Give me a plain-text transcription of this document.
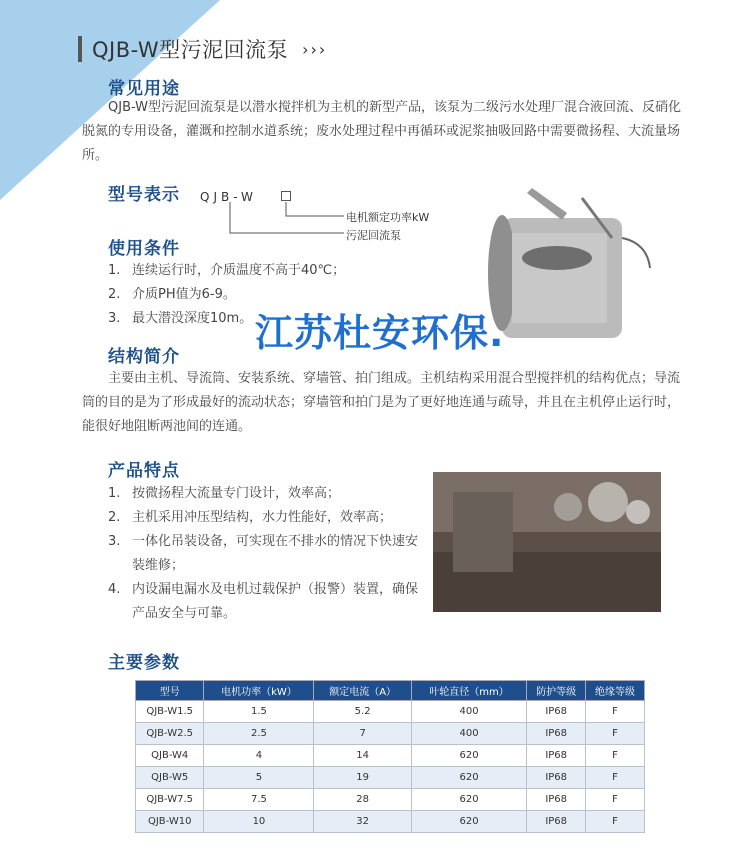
QJB-W型污泥回流泵 ›››
常见用途

QJB-W型污泥回流泵是以潜水搅拌机为主机的新型产品，该泵为二级污水处理厂混合液回流、反硝化脱氮的专用设备，灌溉和控制水道系统；废水处理过程中再循环或泥浆抽吸回路中需要微扬程、大流量场所。

型号表示 QJB-W
电机额定功率kW
污泥回流泵
使用条件
1. 连续运行时，介质温度不高于40℃；
2. 介质PH值为6-9。
3. 最大潜没深度10m。 江苏杜安环保.
结构简介

主要由主机、导流筒、安装系统、穿墙管、拍门组成。主机结构采用混合型搅拌机的结构优点；导流筒的目的是为了形成最好的流动状态；穿墙管和拍门是为了更好地连通与疏导，并且在主机停止运行时，能很好地阻断两池间的连通。

产品特点
1. 按微扬程大流量专门设计，效率高；
2. 主机采用冲压型结构，水力性能好，效率高；
3. 一体化吊装设备，可实现在不排水的情况下快速安装维修；
4. 内设漏电漏水及电机过载保护（报警）装置，确保产品安全与可靠。
主要参数
型号	电机功率（kW）	额定电流（A）	叶轮直径（mm）	防护等级	绝缘等级
QJB-W1.5	1.5	5.2	400	IP68	F
QJB-W2.5	2.5	7	400	IP68	F
QJB-W4	4	14	620	IP68	F
QJB-W5	5	19	620	IP68	F
QJB-W7.5	7.5	28	620	IP68	F
QJB-W10	10	32	620	IP68	F
